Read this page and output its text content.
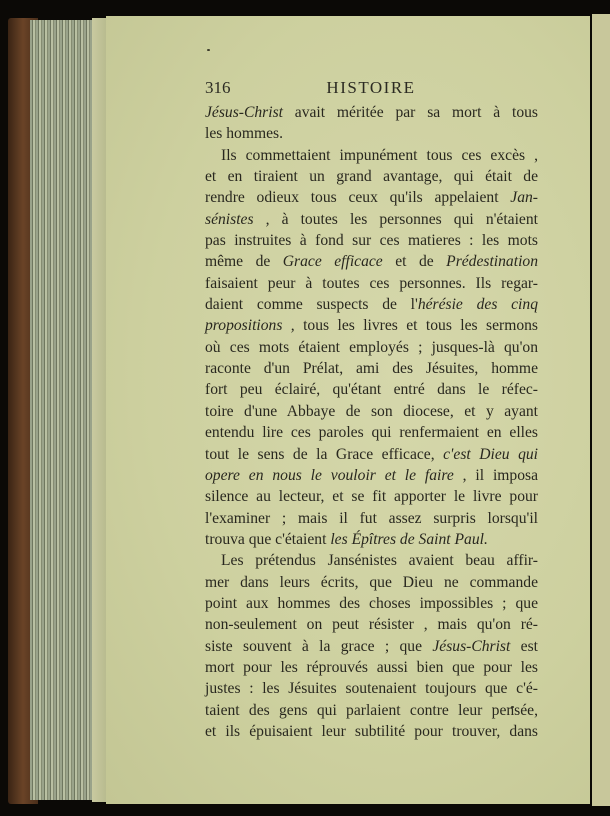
316	HISTOIRE
Jésus-Christ avait méritée par sa mort à tous
les hommes.
Ils commettaient impunément tous ces excès ,
et en tiraient un grand avantage, qui était de
rendre odieux tous ceux qu'ils appelaient Jan-
sénistes , à toutes les personnes qui n'étaient
pas instruites à fond sur ces matieres : les mots
même de Grace efficace et de Prédestination
faisaient peur à toutes ces personnes. Ils regar-
daient comme suspects de l'hérésie des cinq
propositions , tous les livres et tous les sermons
où ces mots étaient employés ; jusques-là qu'on
raconte d'un Prélat, ami des Jésuites, homme
fort peu éclairé, qu'étant entré dans le réfec-
toire d'une Abbaye de son diocese, et y ayant
entendu lire ces paroles qui renfermaient en elles
tout le sens de la Grace efficace, c'est Dieu qui
opere en nous le vouloir et le faire , il imposa
silence au lecteur, et se fit apporter le livre pour
l'examiner ; mais il fut assez surpris lorsqu'il
trouva que c'étaient les Épîtres de Saint Paul.
Les prétendus Jansénistes avaient beau affir-
mer dans leurs écrits, que Dieu ne commande
point aux hommes des choses impossibles ; que
non-seulement on peut résister , mais qu'on ré-
siste souvent à la grace ; que Jésus-Christ est
mort pour les réprouvés aussi bien que pour les
justes : les Jésuites soutenaient toujours que c'é-
taient des gens qui parlaient contre leur pensée,
et ils épuisaient leur subtilité pour trouver, dans
